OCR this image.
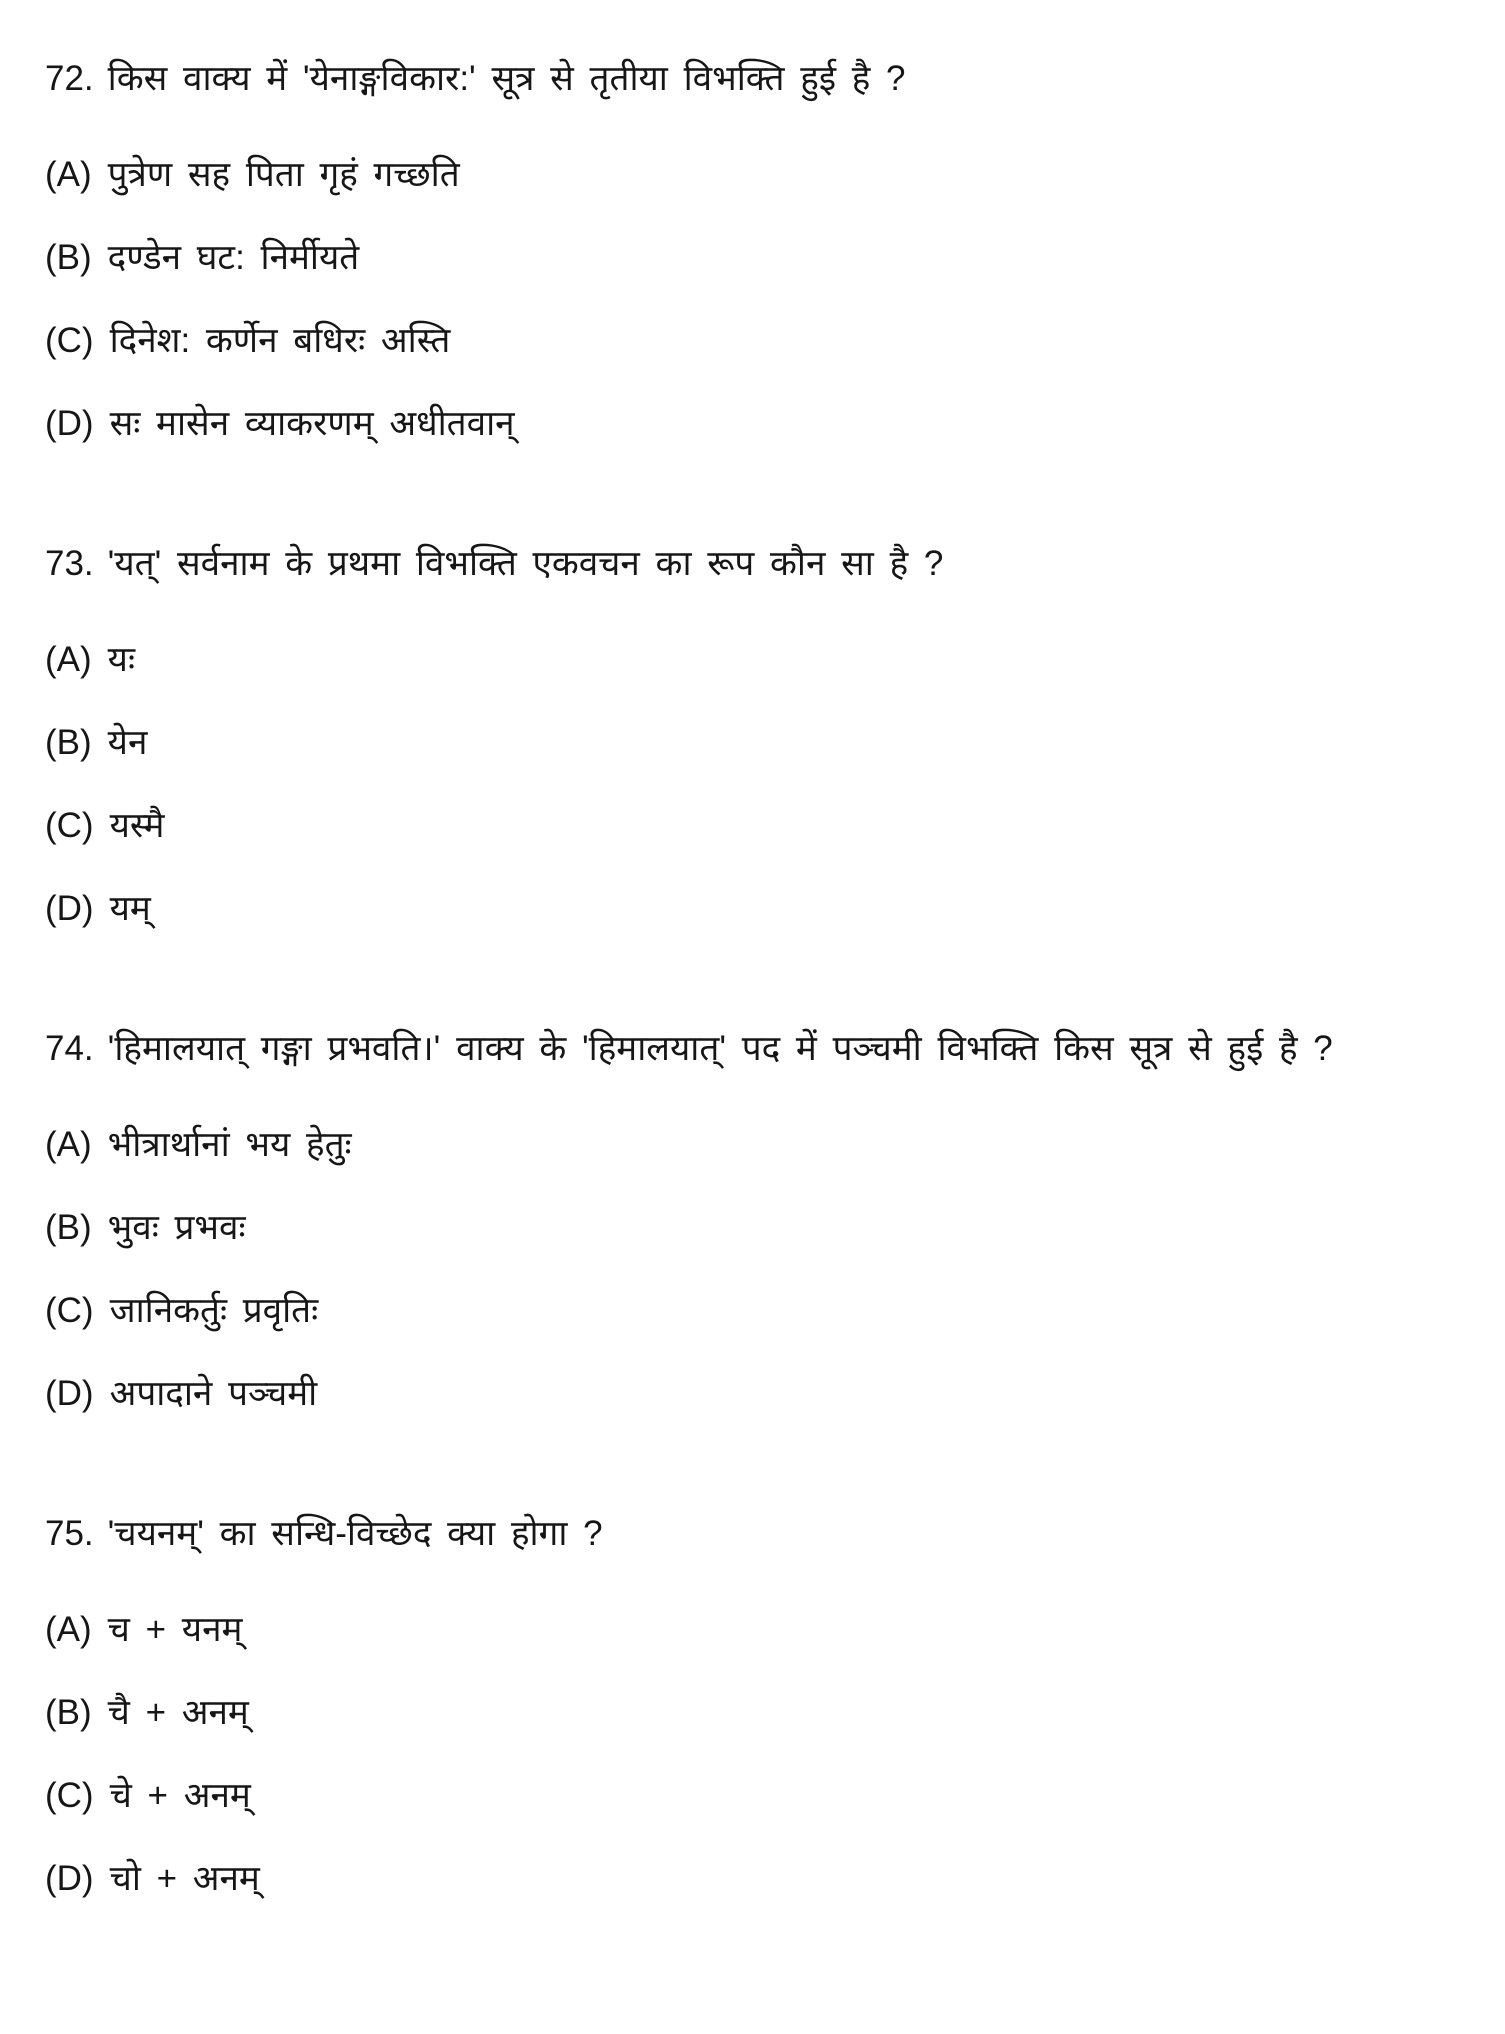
72. किस वाक्य में 'येनाङ्गविकार:' सूत्र से तृतीया विभक्ति हुई है ?

(A) पुत्रेण सह पिता गृहं गच्छति

(B) दण्डेन घट: निर्मीयते

(C) दिनेश: कर्णेन बधिरः अस्ति

(D) सः मासेन व्याकरणम् अधीतवान्

73. 'यत्' सर्वनाम के प्रथमा विभक्ति एकवचन का रूप कौन सा है ?

(A) यः

(B) येन

(C) यस्मै

(D) यम्

74. 'हिमालयात् गङ्गा प्रभवति।' वाक्य के 'हिमालयात्' पद में पञ्चमी विभक्ति किस सूत्र से हुई है ?

(A) भीत्रार्थानां भय हेतुः

(B) भुवः प्रभवः

(C) जानिकर्तुः प्रवृतिः

(D) अपादाने पञ्चमी

75. 'चयनम्' का सन्धि-विच्छेद क्या होगा ?

(A) च + यनम्

(B) चै + अनम्

(C) चे + अनम्

(D) चो + अनम्
